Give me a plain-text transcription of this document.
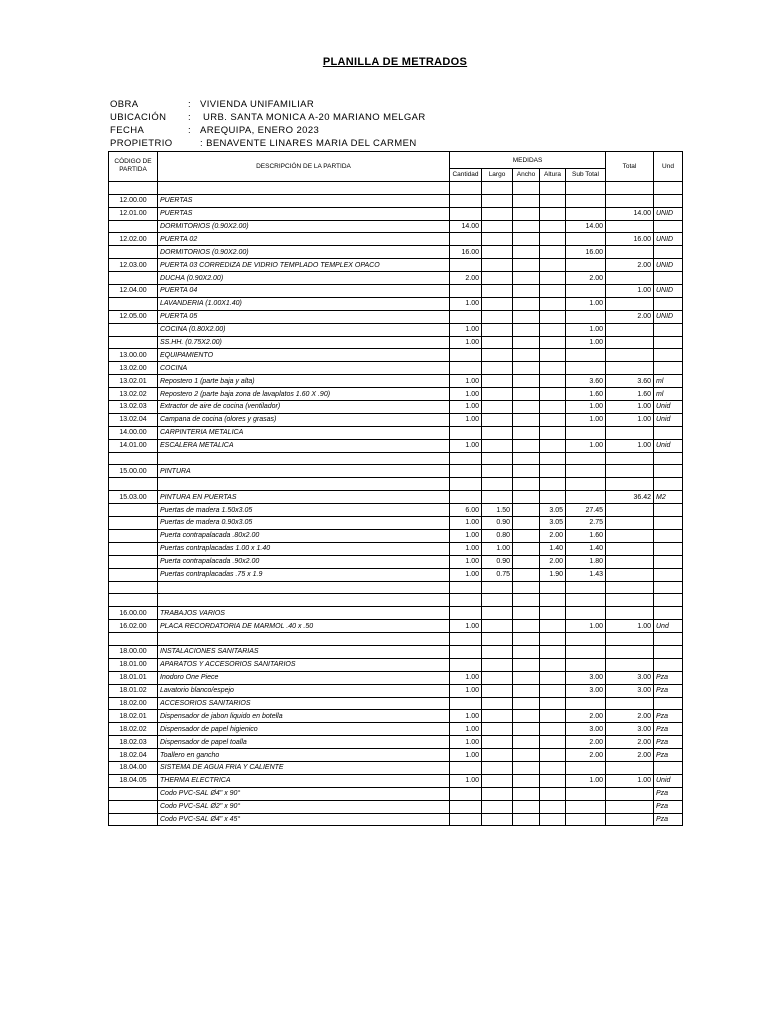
PLANILLA DE METRADOS
OBRA	: VIVIENDA UNIFAMILIAR
UBICACIÓN : URB. SANTA MONICA A-20 MARIANO MELGAR
FECHA	: AREQUIPA, ENERO 2023
PROPIETRIO	: BENAVENTE LINARES MARIA DEL CARMEN
CÓDIGO DE PARTIDA	DESCRIPCIÓN DE LA PARTIDA	MEDIDAS					Total	Und
		Cantidad	Largo	Ancho	Altura	Sub Total		

12.00.00	PUERTAS							
12.01.00	PUERTAS						14.00	UNID
	DORMITORIOS (0.90X2.00)	14.00				14.00		
12.02.00	PUERTA 02						16.00	UNID
	DORMITORIOS (0.90X2.00)	16.00				16.00		
12.03.00	PUERTA 03 CORREDIZA DE VIDRIO TEMPLADO TEMPLEX OPACO						2.00	UNID
	DUCHA (0.90X2.00)	2.00				2.00		
12.04.00	PUERTA 04						1.00	UNID
	LAVANDERIA (1.00X1.40)	1.00				1.00		
12.05.00	PUERTA 05						2.00	UNID
	COCINA (0.80X2.00)	1.00				1.00		
	SS.HH. (0.75X2.00)	1.00				1.00		
13.00.00	EQUIPAMIENTO							
13.02.00	COCINA							
13.02.01	Repostero 1 (parte baja y alta)	1.00				3.60	3.60	ml
13.02.02	Repostero 2 (parte baja zona de lavaplatos 1.60 X .90)	1.00				1.60	1.60	ml
13.02.03	Extractor de aire de cocina (ventilador)	1.00				1.00	1.00	Unid
13.02.04	Campana de cocina (olores y grasas)	1.00				1.00	1.00	Unid
14.00.00	CARPINTERIA METALICA							
14.01.00	ESCALERA METALICA	1.00				1.00	1.00	Unid

15.00.00	PINTURA							

15.03.00	PINTURA EN PUERTAS						36.42	M2
	Puertas de madera 1.50x3.05	6.00	1.50		3.05	27.45		
	Puertas de madera 0.90x3.05	1.00	0.90		3.05	2.75		
	Puerta contrapalacada .80x2.00	1.00	0.80		2.00	1.60		
	Puertas contraplacadas 1.00 x 1.40	1.00	1.00		1.40	1.40		
	Puerta contrapalacada .90x2.00	1.00	0.90		2.00	1.80		
	Puertas contraplacadas .75 x 1.9	1.00	0.75		1.90	1.43		

16.00.00	TRABAJOS VARIOS							
16.02.00	PLACA RECORDATORIA DE MARMOL .40 x .50	1.00				1.00	1.00	Und

18.00.00	INSTALACIONES SANITARIAS							
18.01.00	APARATOS Y ACCESORIOS SANITARIOS							
18.01.01	Inodoro One Piece	1.00				3.00	3.00	Pza
18.01.02	Lavatorio blanco/espejo	1.00				3.00	3.00	Pza
18.02.00	ACCESORIOS SANITARIOS							
18.02.01	Dispensador de jabon liquido en botella	1.00				2.00	2.00	Pza
18.02.02	Dispensador de papel higienico	1.00				3.00	3.00	Pza
18.02.03	Dispensador de papel toalla	1.00				2.00	2.00	Pza
18.02.04	Toallero en gancho	1.00				2.00	2.00	Pza
18.04.00	SISTEMA DE AGUA FRIA Y CALIENTE							
18.04.05	THERMA ELECTRICA	1.00				1.00	1.00	Unid
	Codo PVC-SAL Ø4" x 90°							Pza
	Codo PVC-SAL Ø2" x 90°							Pza
	Codo PVC-SAL Ø4" x 45°							Pza
